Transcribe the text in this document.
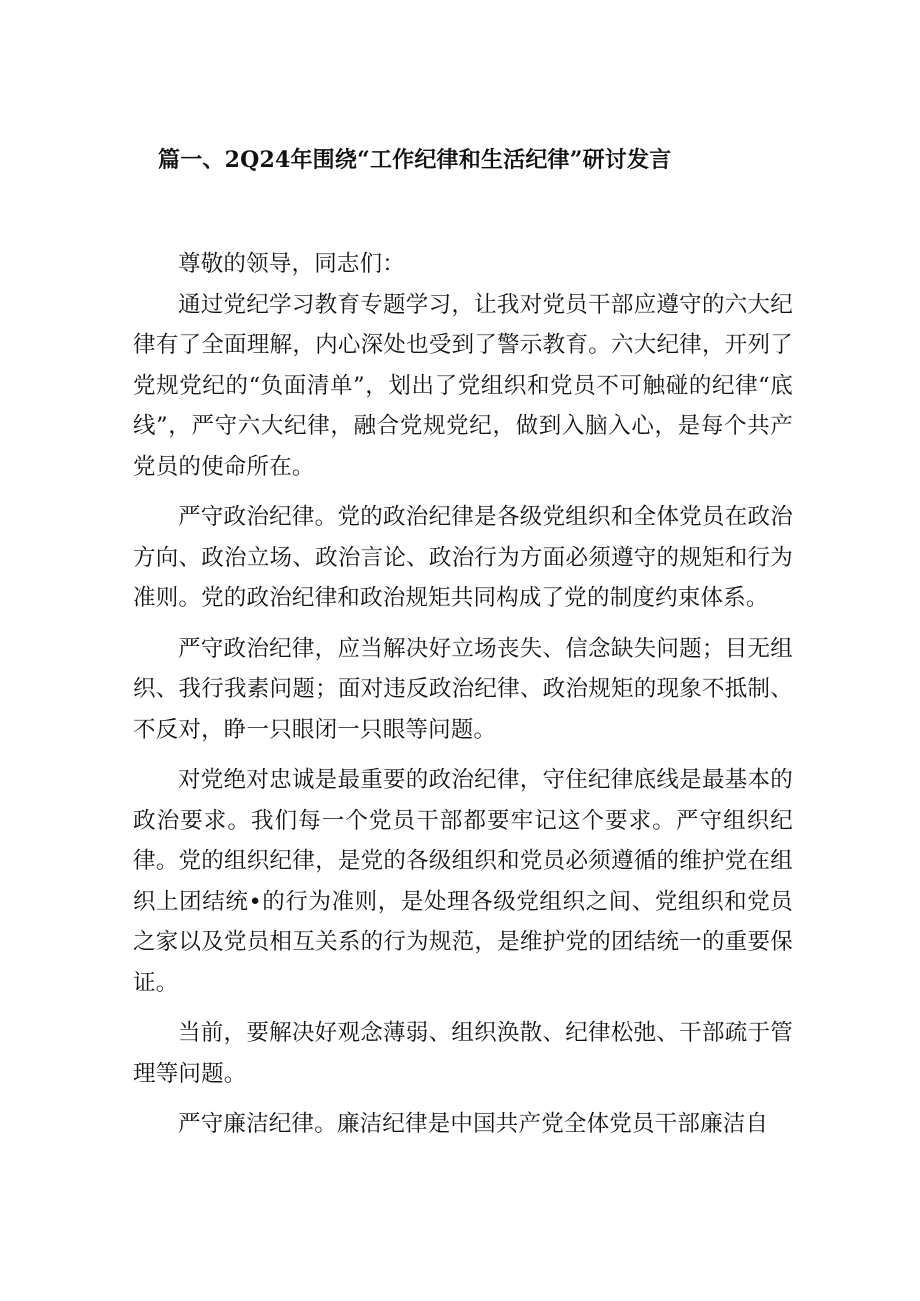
篇一、2Q24年围绕“工作纪律和生活纪律”研讨发言

尊敬的领导，同志们：

通过党纪学习教育专题学习，让我对党员干部应遵守的六大纪律有了全面理解，内心深处也受到了警示教育。六大纪律，开列了党规党纪的“负面清单”，划出了党组织和党员不可触碰的纪律“底线”，严守六大纪律，融合党规党纪，做到入脑入心，是每个共产党员的使命所在。

严守政治纪律。党的政治纪律是各级党组织和全体党员在政治方向、政治立场、政治言论、政治行为方面必须遵守的规矩和行为准则。党的政治纪律和政治规矩共同构成了党的制度约束体系。

严守政治纪律，应当解决好立场丧失、信念缺失问题；目无组织、我行我素问题；面对违反政治纪律、政治规矩的现象不抵制、不反对，睁一只眼闭一只眼等问题。

对党绝对忠诚是最重要的政治纪律，守住纪律底线是最基本的政治要求。我们每一个党员干部都要牢记这个要求。严守组织纪律。党的组织纪律，是党的各级组织和党员必须遵循的维护党在组织上团结统•的行为准则，是处理各级党组织之间、党组织和党员之家以及党员相互关系的行为规范，是维护党的团结统一的重要保证。

当前，要解决好观念薄弱、组织涣散、纪律松弛、干部疏于管理等问题。

严守廉洁纪律。廉洁纪律是中国共产党全体党员干部廉洁自
